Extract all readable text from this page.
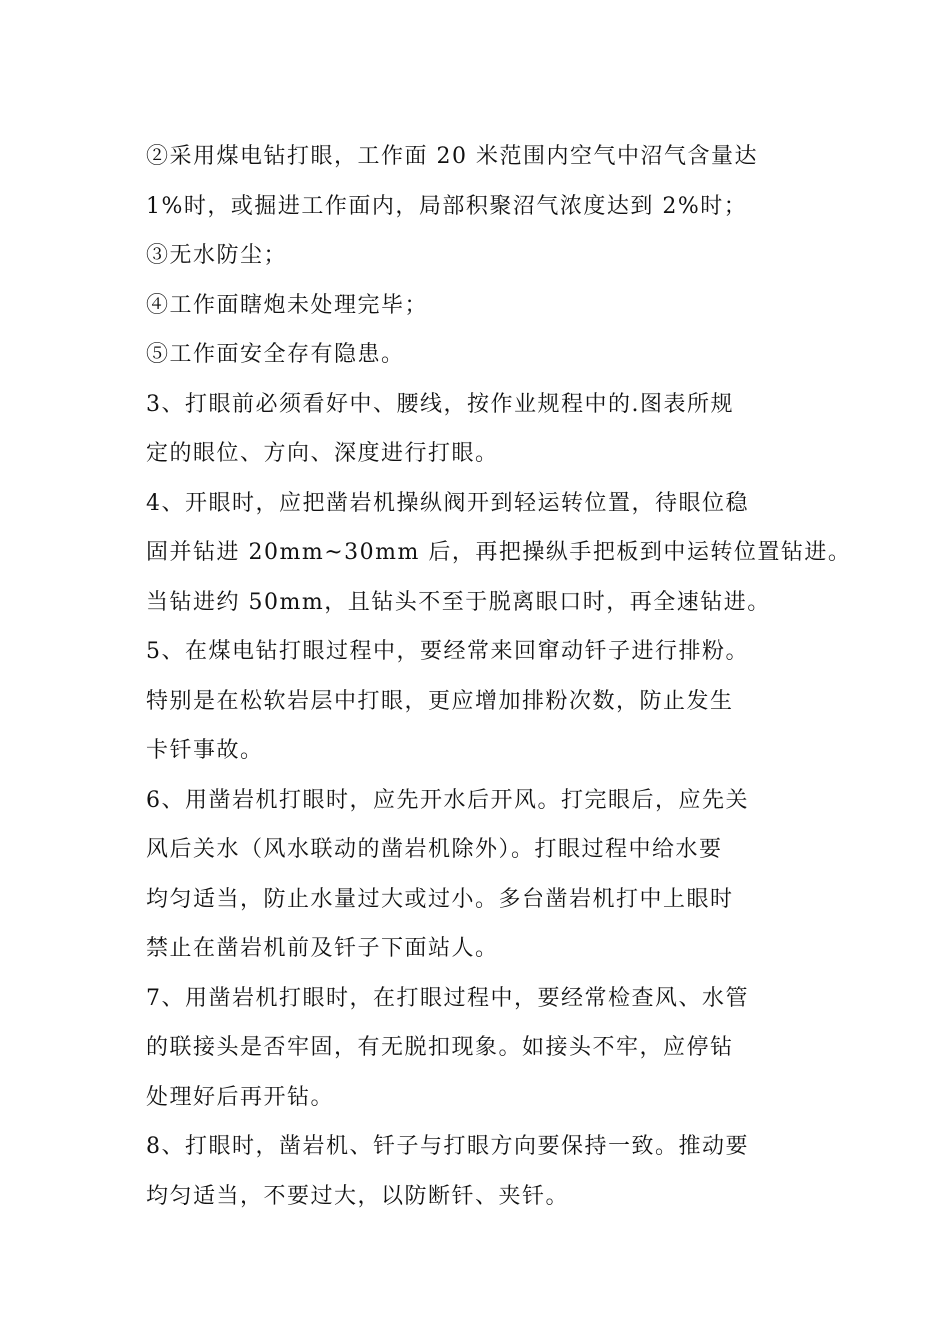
②采用煤电钻打眼，工作面 20 米范围内空气中沼气含量达
1%时，或掘进工作面内，局部积聚沼气浓度达到 2%时；

③无水防尘；

④工作面瞎炮未处理完毕；

⑤工作面安全存有隐患。

3、打眼前必须看好中、腰线，按作业规程中的.图表所规
定的眼位、方向、深度进行打眼。

4、开眼时，应把凿岩机操纵阀开到轻运转位置，待眼位稳
固并钻进 20mm~30mm 后，再把操纵手把板到中运转位置钻进。
当钻进约 50mm，且钻头不至于脱离眼口时，再全速钻进。

5、在煤电钻打眼过程中，要经常来回窜动钎子进行排粉。
特别是在松软岩层中打眼，更应增加排粉次数，防止发生
卡钎事故。

6、用凿岩机打眼时，应先开水后开风。打完眼后，应先关
风后关水（风水联动的凿岩机除外）。打眼过程中给水要
均匀适当，防止水量过大或过小。多台凿岩机打中上眼时
禁止在凿岩机前及钎子下面站人。

7、用凿岩机打眼时，在打眼过程中，要经常检查风、水管
的联接头是否牢固，有无脱扣现象。如接头不牢，应停钻
处理好后再开钻。

8、打眼时，凿岩机、钎子与打眼方向要保持一致。推动要
均匀适当，不要过大，以防断钎、夹钎。
